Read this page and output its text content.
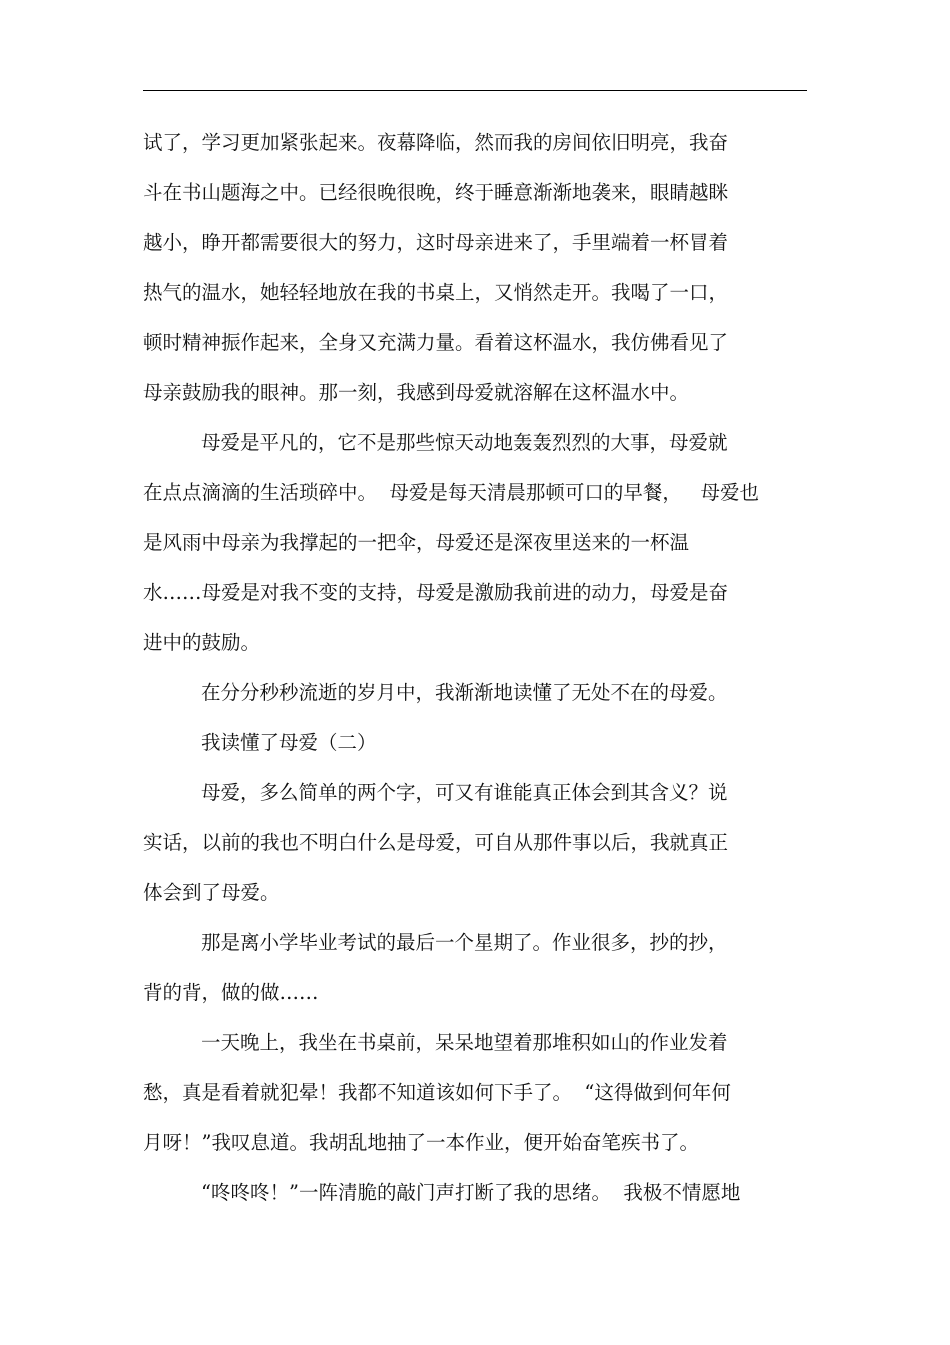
试了，学习更加紧张起来。夜幕降临，然而我的房间依旧明亮，我奋
斗在书山题海之中。已经很晚很晚，终于睡意渐渐地袭来，眼睛越眯
越小，睁开都需要很大的努力，这时母亲进来了，手里端着一杯冒着
热气的温水，她轻轻地放在我的书桌上，又悄然走开。我喝了一口，
顿时精神振作起来，全身又充满力量。看着这杯温水，我仿佛看见了
母亲鼓励我的眼神。那一刻，我感到母爱就溶解在这杯温水中。
母爱是平凡的，它不是那些惊天动地轰轰烈烈的大事，母爱就
在点点滴滴的生活琐碎中。  母爱是每天清晨那顿可口的早餐，   母爱也
是风雨中母亲为我撑起的一把伞，母爱还是深夜里送来的一杯温
水……母爱是对我不变的支持，母爱是激励我前进的动力，母爱是奋
进中的鼓励。
在分分秒秒流逝的岁月中，我渐渐地读懂了无处不在的母爱。
我读懂了母爱（二）
母爱，多么简单的两个字，可又有谁能真正体会到其含义？说
实话，以前的我也不明白什么是母爱，可自从那件事以后，我就真正
体会到了母爱。
那是离小学毕业考试的最后一个星期了。作业很多，抄的抄，
背的背，做的做……
一天晚上，我坐在书桌前，呆呆地望着那堆积如山的作业发着
愁，真是看着就犯晕！我都不知道该如何下手了。  “这得做到何年何
月呀！”我叹息道。我胡乱地抽了一本作业，便开始奋笔疾书了。
“咚咚咚！”一阵清脆的敲门声打断了我的思绪。  我极不情愿地
